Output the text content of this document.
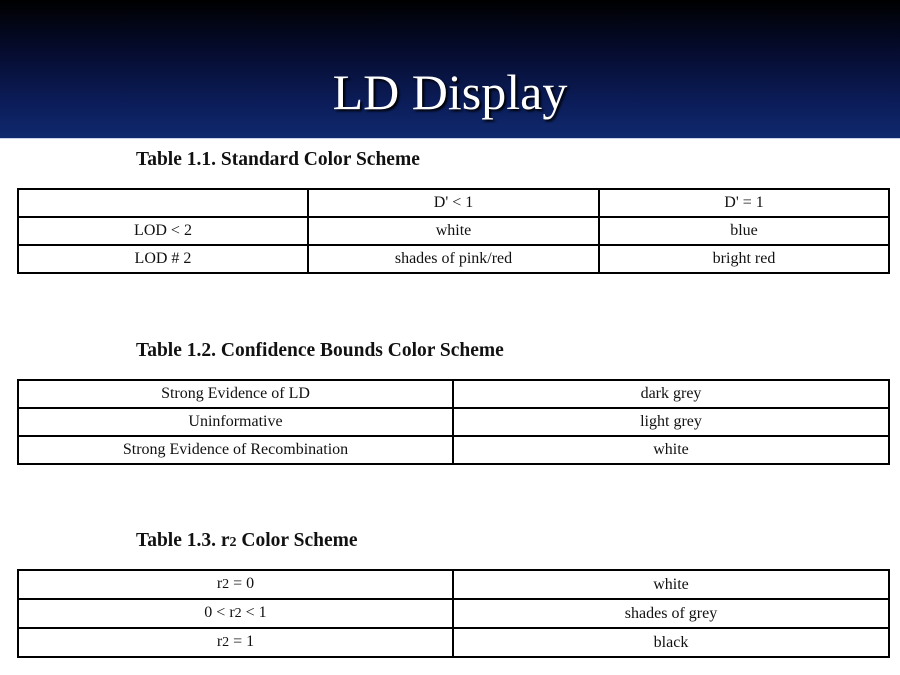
LD Display
Table 1.1. Standard Color Scheme
	D' < 1	D' = 1
LOD < 2	white	blue
LOD # 2	shades of pink/red	bright red
Table 1.2. Confidence Bounds Color Scheme
Strong Evidence of LD	dark grey
Uninformative	light grey
Strong Evidence of Recombination	white
Table 1.3. r2 Color Scheme
r2 = 0	white
0 < r2 < 1	shades of grey
r2 = 1	black
